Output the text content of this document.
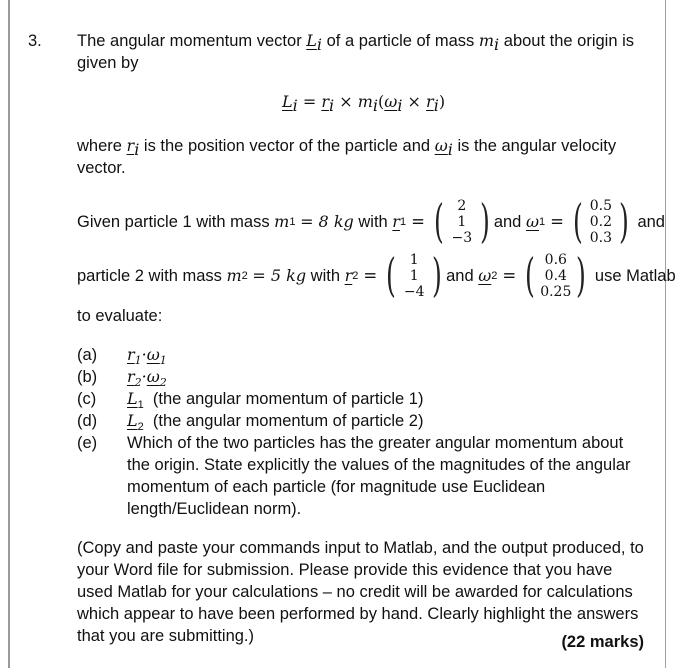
3. The angular momentum vector $L_i$ of a particle of mass $m_i$ about the origin is
given by
$L_i = r_i \times m_i(\omega_i \times r_i)$
where $r_i$ is the position vector of the particle and $\omega_i$ is the angular velocity
vector.
Given particle 1 with mass
m 1
= 8 kg
with
r 1 = ( 2
1
−3 ) and
ω 1 = ( 0.5
0.2
0.3 )
and
particle 2 with mass
m 2
= 5 kg
with
r 2 = ( 1
1
−4 ) and
ω 2 = ( 0.6
0.4
0.25 )
use Matlab
to evaluate:
(a)	$r_1\cdot\omega_1$
(b)	$r_2\cdot\omega_2$
(c)	$L_1$ (the angular momentum of particle 1)
(d)	$L_2$ (the angular momentum of particle 2)
(e)	Which of the two particles has the greater angular momentum about the origin. State explicitly the values of the magnitudes of the angular momentum of each particle (for magnitude use Euclidean length/Euclidean norm).
(Copy and paste your commands input to Matlab, and the output produced, to your Word file for submission. Please provide this evidence that you have used Matlab for your calculations – no credit will be awarded for calculations which appear to have been performed by hand. Clearly highlight the answers that you are submitting.)	(22 marks)
